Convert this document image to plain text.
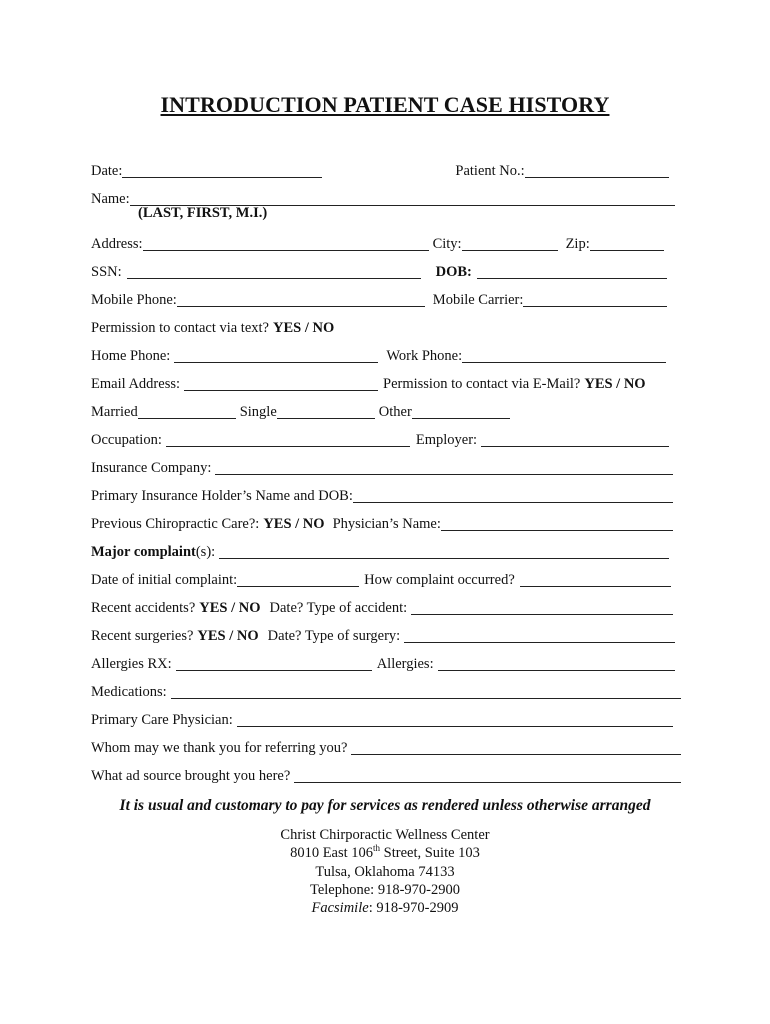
INTRODUCTION PATIENT CASE HISTORY
Date:	Patient No.:
Name:
(LAST, FIRST, M.I.)
Address:	City:	Zip:
SSN:	DOB:
Mobile Phone:	Mobile Carrier:
Permission to contact via text? YES / NO
Home Phone:	Work Phone:
Email Address:	Permission to contact via E-Mail? YES / NO
Married	Single	Other
Occupation:	Employer:
Insurance Company:
Primary Insurance Holder’s Name and DOB:
Previous Chiropractic Care?: YES / NO Physician’s Name:
Major complaint (s):
Date of initial complaint:	How complaint occurred?
Recent accidents? YES / NO Date? Type of accident:
Recent surgeries? YES / NO Date? Type of surgery:
Allergies RX:	Allergies:
Medications:
Primary Care Physician:
Whom may we thank you for referring you?
What ad source brought you here?
It is usual and customary to pay for services as rendered unless otherwise arranged
Christ Chirporactic Wellness Center
8010 East 106th Street, Suite 103
Tulsa, Oklahoma 74133
Telephone: 918-970-2900
Facsimile: 918-970-2909
